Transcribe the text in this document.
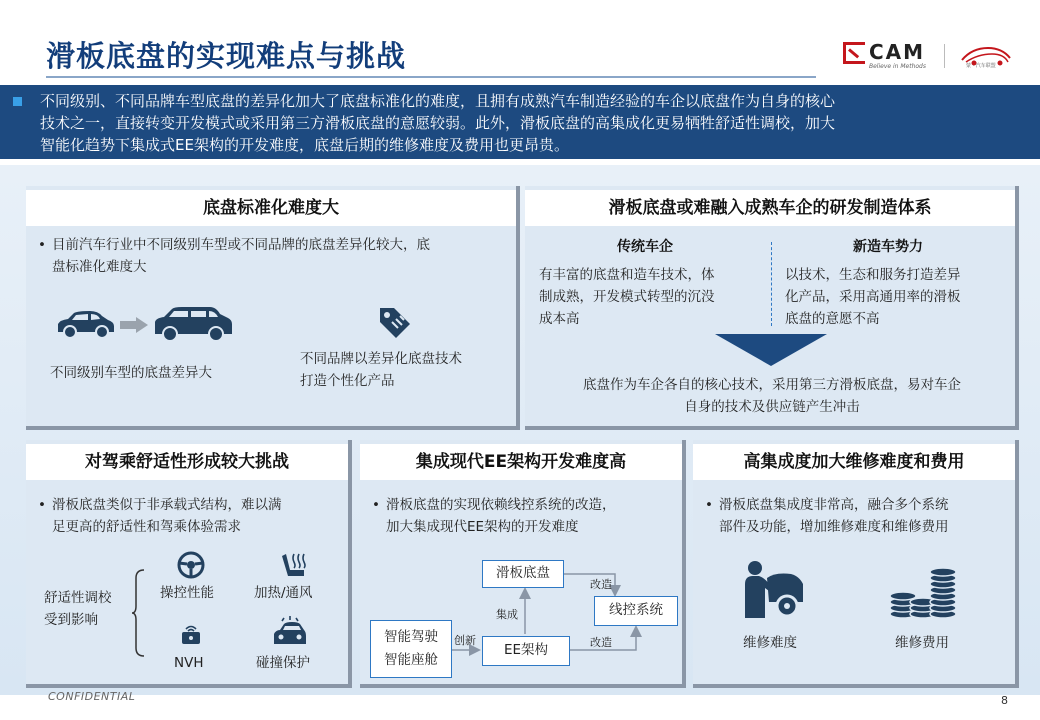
滑板底盘的实现难点与挑战	CAM
Believe in Methods	蒙 · 汽车联盟
不同级别、不同品牌车型底盘的差异化加大了底盘标准化的难度，且拥有成熟汽车制造经验的车企以底盘作为自身的核心
技术之一，直接转变开发模式或采用第三方滑板底盘的意愿较弱。此外，滑板底盘的高集成化更易牺牲舒适性调校，加大
智能化趋势下集成式EE架构的开发难度，底盘后期的维修难度及费用也更昂贵。
底盘标准化难度大
• 目前汽车行业中不同级别车型或不同品牌的底盘差异化较大，底
盘标准化难度大
不同级别车型的底盘差异大
不同品牌以差异化底盘技术
打造个性化产品
滑板底盘或难融入成熟车企的研发制造体系
传统车企	新造车势力
有丰富的底盘和造车技术，体
制成熟，开发模式转型的沉没
成本高
以技术，生态和服务打造差异
化产品，采用高通用率的滑板
底盘的意愿不高
底盘作为车企各自的核心技术，采用第三方滑板底盘，易对车企
自身的技术及供应链产生冲击
对驾乘舒适性形成较大挑战
• 滑板底盘类似于非承载式结构，难以满
足更高的舒适性和驾乘体验需求
舒适性调校
受到影响
操控性能	加热/通风
NVH	碰撞保护
集成现代EE架构开发难度高
• 滑板底盘的实现依赖线控系统的改造，
加大集成现代EE架构的开发难度
滑板底盘
线控系统
智能驾驶
智能座舱
EE架构
改造
集成
创新	改造
高集成度加大维修难度和费用
• 滑板底盘集成度非常高，融合多个系统
部件及功能，增加维修难度和维修费用
维修难度	维修费用
CONFIDENTIAL	8
